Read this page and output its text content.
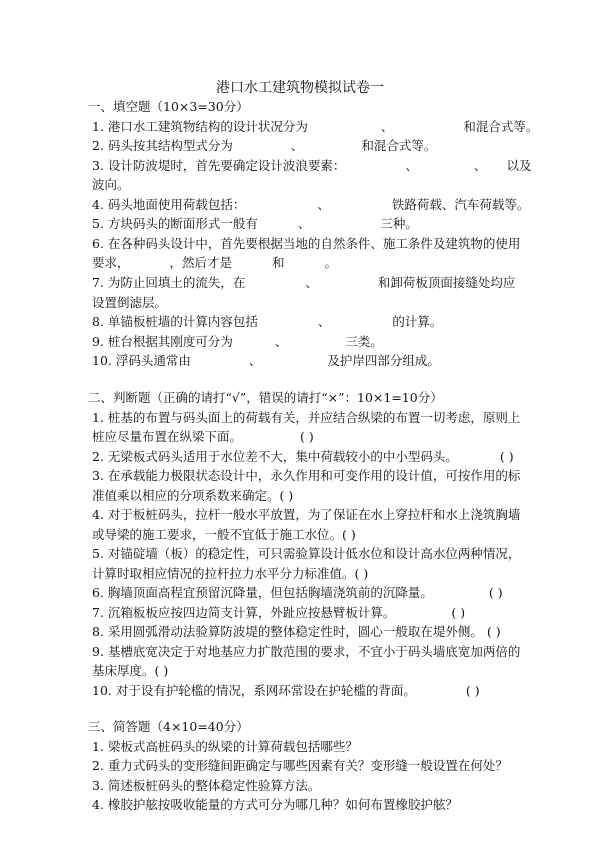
港口水工建筑物模拟试卷一
一、填空题（10×3=30分）
1. 港口水工建筑物结构的设计状况分为	、	和混合式等。
2. 码头按其结构型式分为	、	和混合式等。
3. 设计防波堤时，首先要确定设计波浪要素：	、	、 以及
波向。
4. 码头地面使用荷载包括：	、	铁路荷载、汽车荷载等。
5. 方块码头的断面形式一般有	、	三种。
6. 在各种码头设计中，首先要根据当地的自然条件、施工条件及建筑物的使用
要求，	，然后才是	和	。
7. 为防止回填土的流失，在	、	和卸荷板顶面接缝处均应
设置倒滤层。
8. 单锚板桩墙的计算内容包括	、	的计算。
9. 桩台根据其刚度可分为	、	三类。
10. 浮码头通常由	、	及护岸四部分组成。
二、判断题（正确的请打“√”，错误的请打“×”：10×1=10分）
1. 桩基的布置与码头面上的荷载有关，并应结合纵梁的布置一切考虑，原则上
桩应尽量布置在纵梁下面。	( )
2. 无梁板式码头适用于水位差不大，集中荷载较小的中小型码头。	( )
3. 在承载能力极限状态设计中，永久作用和可变作用的设计值，可按作用的标
准值乘以相应的分项系数来确定。( )
4. 对于板桩码头，拉杆一般水平放置，为了保证在水上穿拉杆和水上浇筑胸墙
或导梁的施工要求，一般不宜低于施工水位。( )
5. 对锚碇墙（板）的稳定性，可只需验算设计低水位和设计高水位两种情况，
计算时取相应情况的拉杆拉力水平分力标准值。( )
6. 胸墙顶面高程宜预留沉降量，但包括胸墙浇筑前的沉降量。	( )
7. 沉箱板板应按四边简支计算，外趾应按悬臂板计算。	( )
8. 采用圆弧滑动法验算防波堤的整体稳定性时，圆心一般取在堤外侧。 ( )
9. 基槽底宽决定于对地基应力扩散范围的要求，不宜小于码头墙底宽加两倍的
基床厚度。( )
10. 对于设有护轮槛的情况，系网环常设在护轮槛的背面。	( )
三、简答题（4×10=40分）
1. 梁板式高桩码头的纵梁的计算荷载包括哪些？
2. 重力式码头的变形缝间距确定与哪些因素有关？变形缝一般设置在何处？
3. 简述板桩码头的整体稳定性验算方法。
4. 橡胶护舷按吸收能量的方式可分为哪几种？如何布置橡胶护舷？
